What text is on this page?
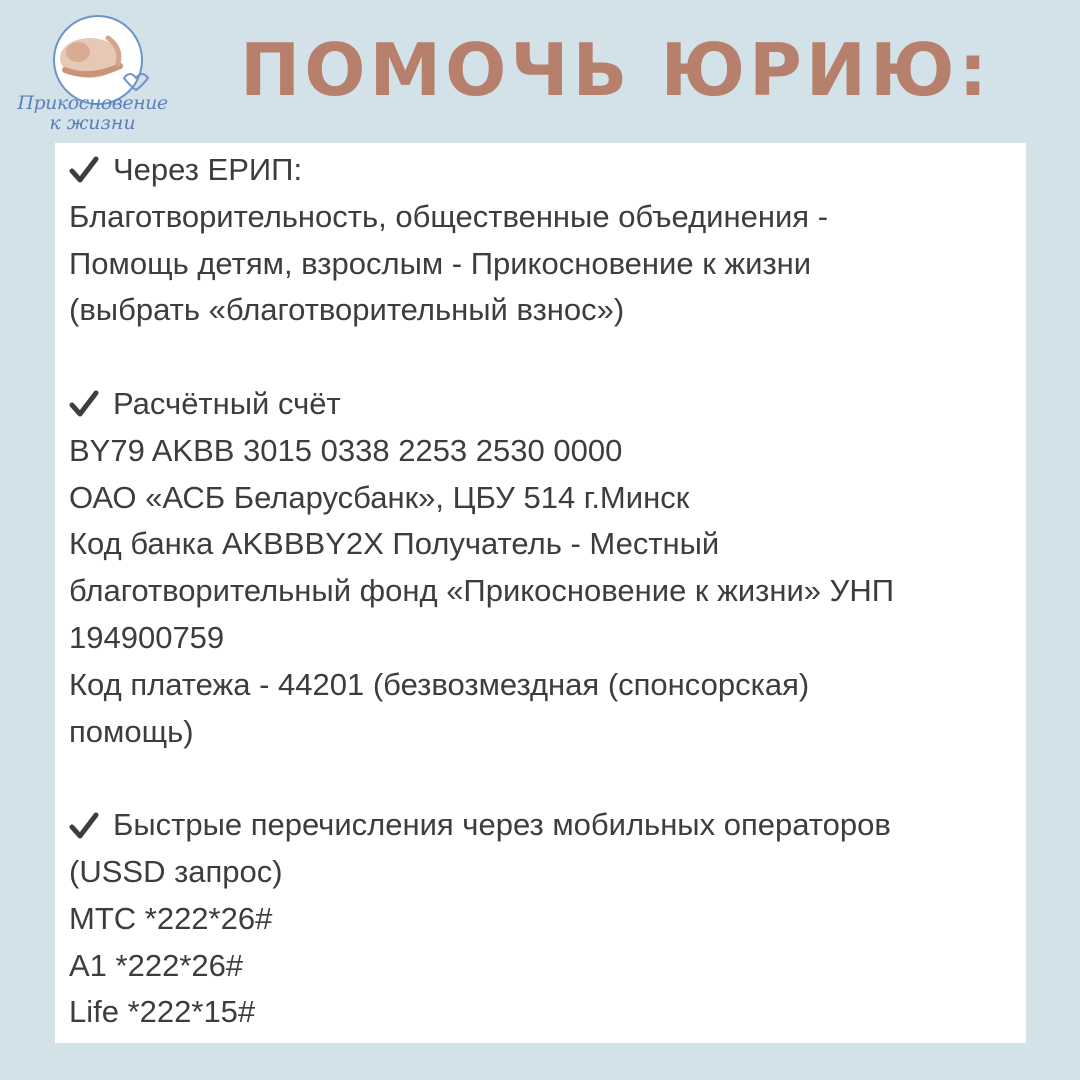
Прикосновение
к жизни
ПОМОЧЬ ЮРИЮ:
Через ЕРИП:
Благотворительность, общественные объединения -
Помощь детям, взрослым - Прикосновение к жизни
(выбрать «благотворительный взнос»)
Расчётный счёт
BY79 AKBB 3015 0338 2253 2530 0000
ОАО «АСБ Беларусбанк», ЦБУ 514 г.Минск
Код банка AKBBBY2X Получатель - Местный
благотворительный фонд «Прикосновение к жизни» УНП
194900759
Код платежа - 44201 (безвозмездная (спонсорская)
помощь)
Быстрые перечисления через мобильных операторов
(USSD запрос)
МТС *222*26#
A1 *222*26#
Life *222*15#
